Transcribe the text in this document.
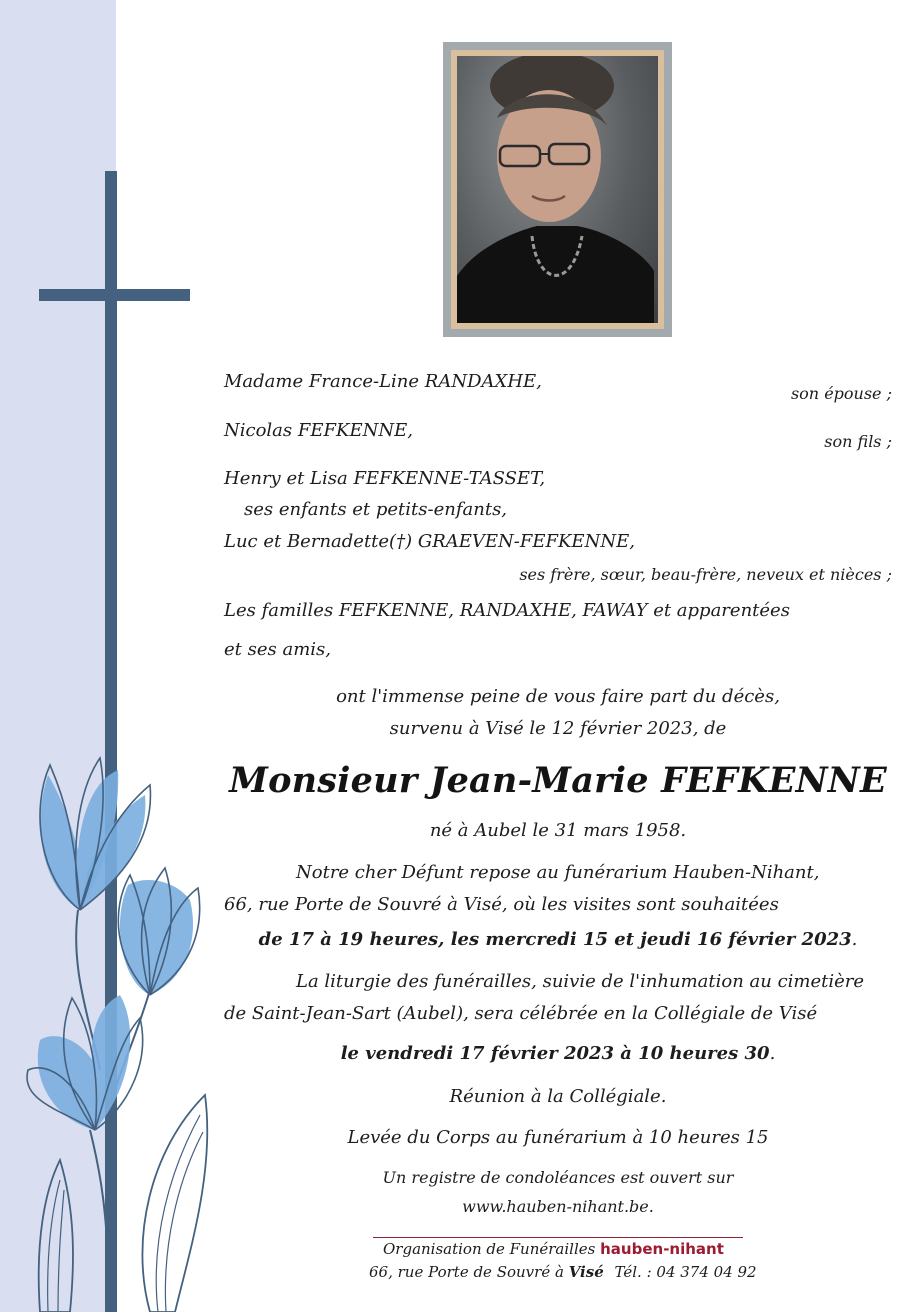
Madame France-Line RANDAXHE,
son épouse ;
Nicolas FEFKENNE,
son fils ;
Henry et Lisa FEFKENNE-TASSET,
ses enfants et petits-enfants,
Luc et Bernadette(†) GRAEVEN-FEFKENNE,
ses frère, sœur, beau-frère, neveux et nièces ;
Les familles FEFKENNE, RANDAXHE, FAWAY et apparentées
et ses amis,
ont l'immense peine de vous faire part du décès,
survenu à Visé le 12 février 2023, de
Monsieur Jean-Marie FEFKENNE
né à Aubel le 31 mars 1958.
Notre cher Défunt repose au funérarium Hauben-Nihant,
66, rue Porte de Souvré à Visé, où les visites sont souhaitées
de 17 à 19 heures, les mercredi 15 et jeudi 16 février 2023.
La liturgie des funérailles, suivie de l'inhumation au cimetière
de Saint-Jean-Sart (Aubel), sera célébrée en la Collégiale de Visé
le vendredi 17 février 2023 à 10 heures 30.
Réunion à la Collégiale.
Levée du Corps au funérarium à 10 heures 15
Un registre de condoléances est ouvert sur
www.hauben-nihant.be.
Organisation de Funérailles hauben-nihant
66, rue Porte de Souvré à Visé Tél. : 04 374 04 92
